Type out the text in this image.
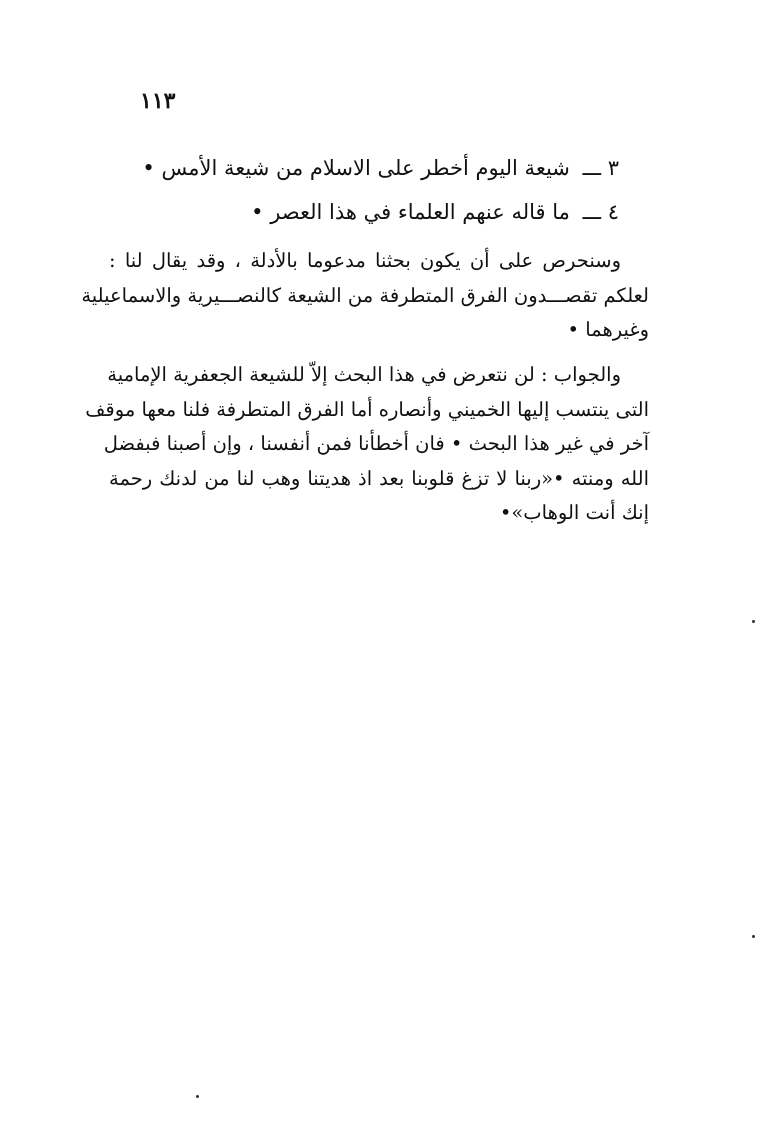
١١٣
٣ ـــ شيعة اليوم أخطر على الاسلام من شيعة الأمس •
٤ ـــ ما قاله عنهم العلماء في هذا العصر •
وسنحرص على أن يكون بحثنا مدعوما بالأدلة ، وقد يقال لنا :
لعلكم تقصـــدون الفرق المتطرفة من الشيعة كالنصـــيرية والاسماعيلية
وغيرهما •
والجواب : لن نتعرض في هذا البحث إلاّ للشيعة الجعفرية الإمامية
التى ينتسب إليها الخميني وأنصاره أما الفرق المتطرفة فلنا معها موقف
آخر في غير هذا البحث • فان أخطأنا فمن أنفسنا ، وإن أصبنا فبفضل
الله ومنته •«ربنا لا تزغ قلوبنا بعد اذ هديتنا وهب لنا من لدنك رحمة
إنك أنت الوهاب»•
